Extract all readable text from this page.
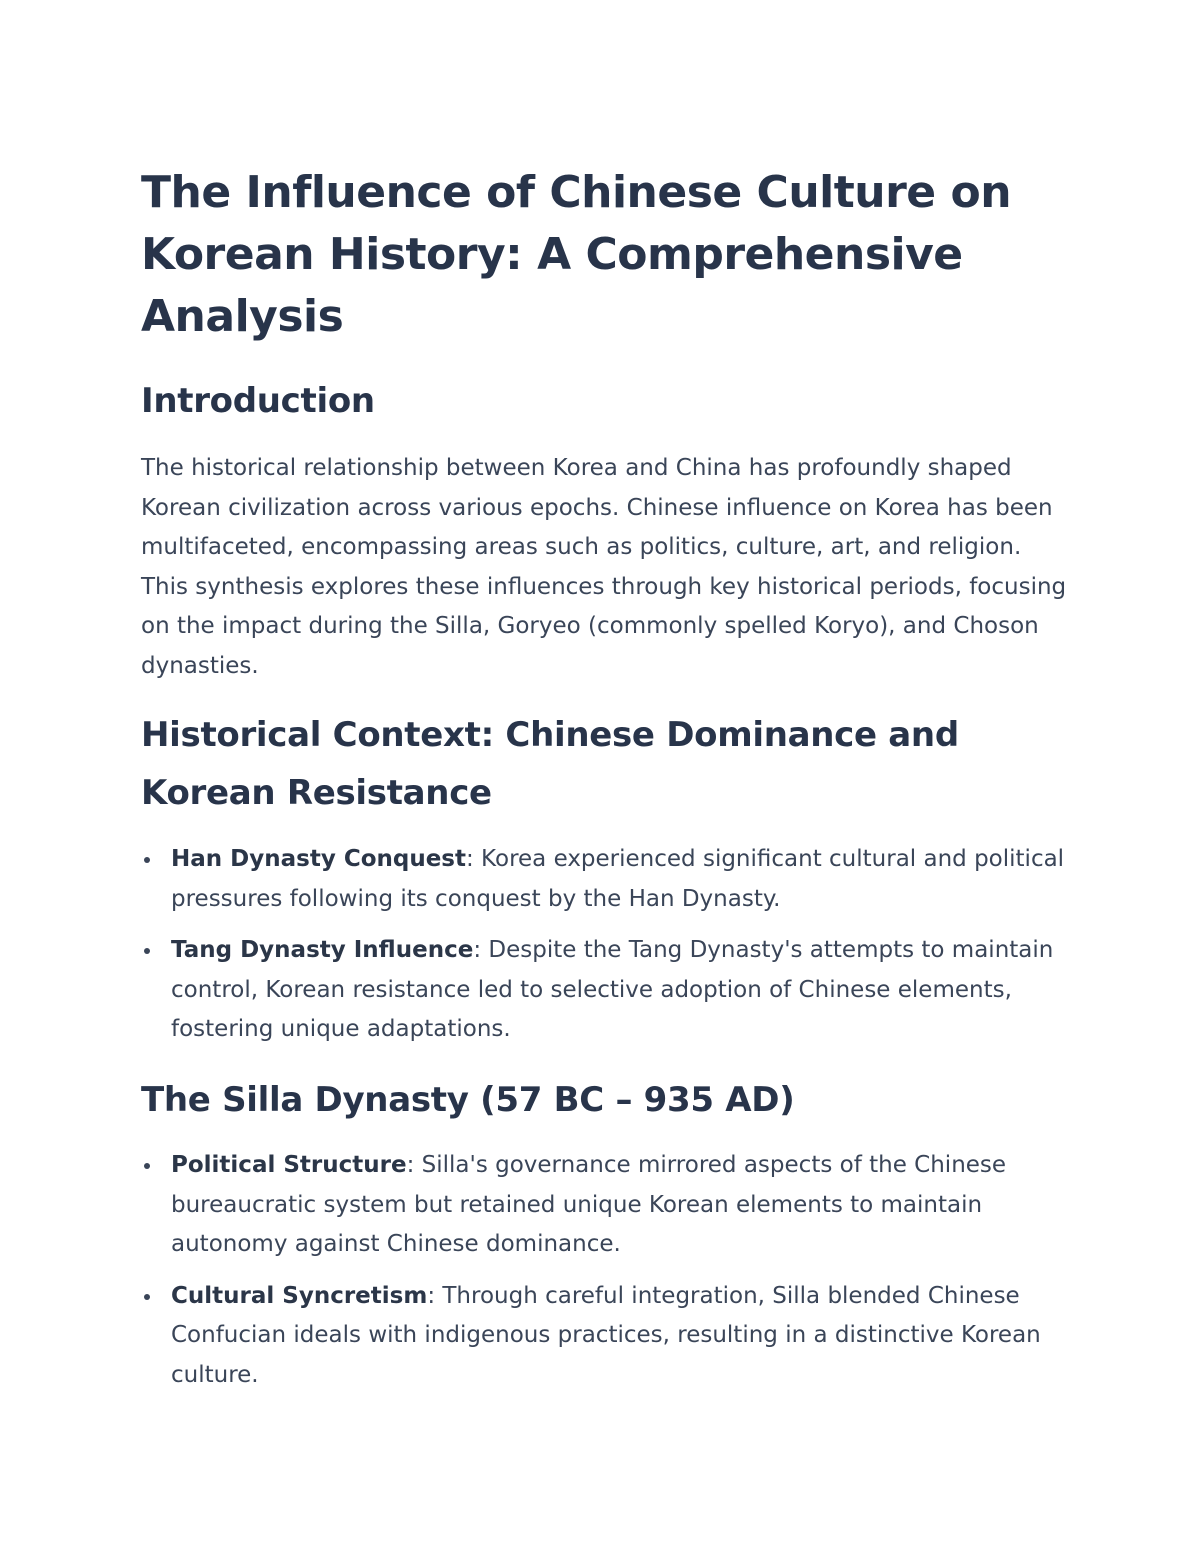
The Influence of Chinese Culture on Korean History: A Comprehensive Analysis
Introduction

The historical relationship between Korea and China has profoundly shaped Korean civilization across various epochs. Chinese influence on Korea has been multifaceted, encompassing areas such as politics, culture, art, and religion. This synthesis explores these influences through key historical periods, focusing on the impact during the Silla, Goryeo (commonly spelled Koryo), and Choson dynasties.

Historical Context: Chinese Dominance and Korean Resistance
Han Dynasty Conquest: Korea experienced significant cultural and political pressures following its conquest by the Han Dynasty.
Tang Dynasty Influence: Despite the Tang Dynasty's attempts to maintain control, Korean resistance led to selective adoption of Chinese elements, fostering unique adaptations.
The Silla Dynasty (57 BC – 935 AD)
Political Structure: Silla's governance mirrored aspects of the Chinese bureaucratic system but retained unique Korean elements to maintain autonomy against Chinese dominance.
Cultural Syncretism: Through careful integration, Silla blended Chinese Confucian ideals with indigenous practices, resulting in a distinctive Korean culture.
